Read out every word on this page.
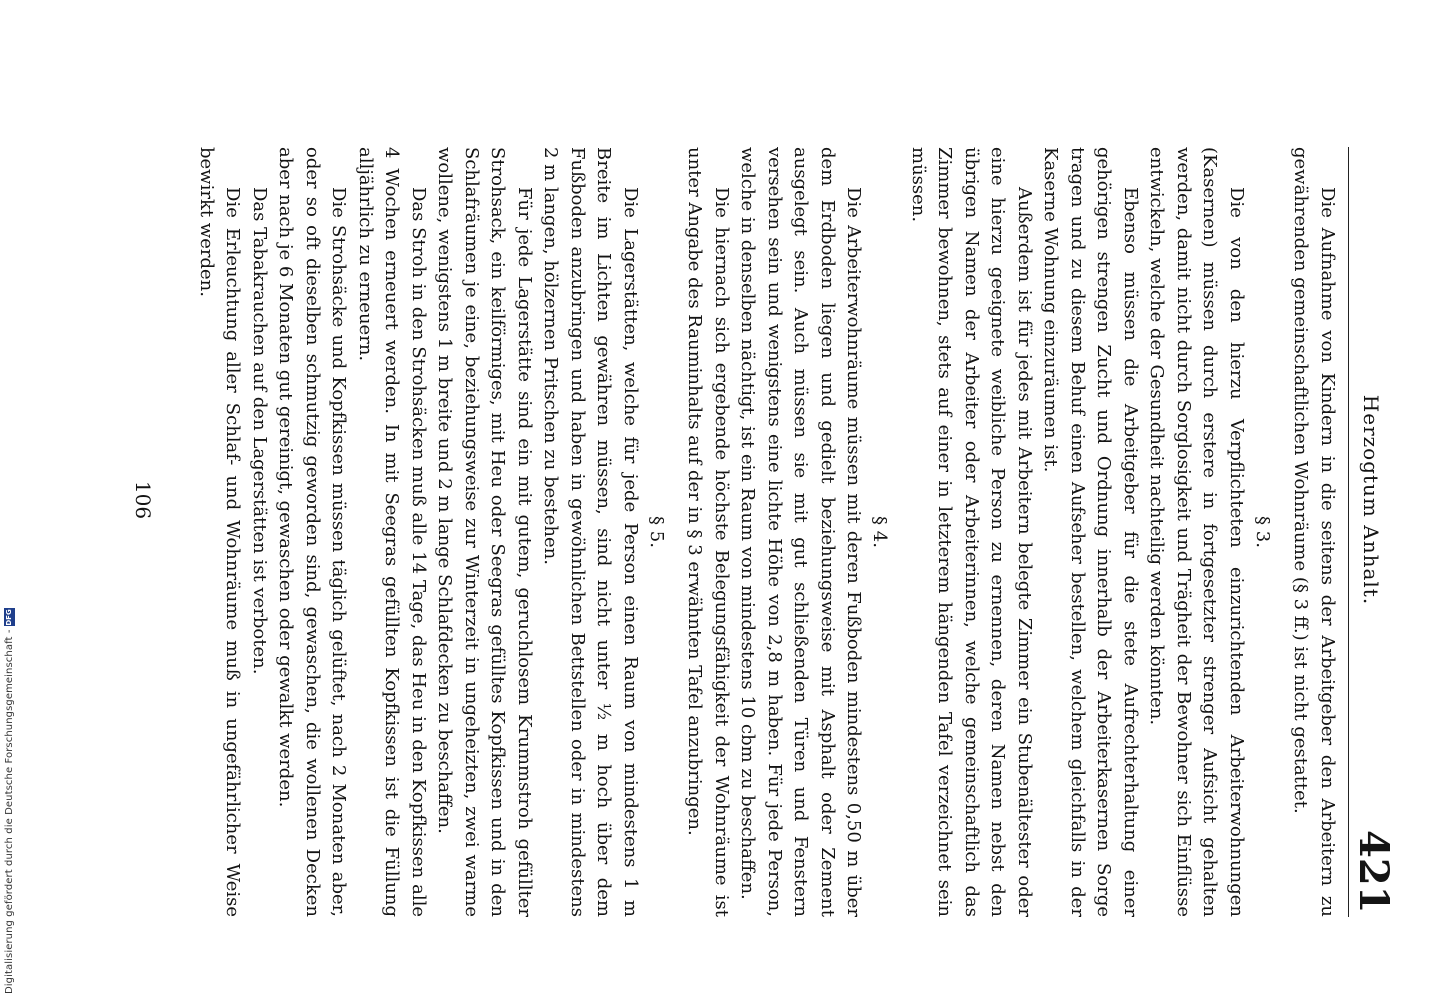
Herzogtum Anhalt.
421

Die Aufnahme von Kindern in die seitens der Arbeitgeber den Arbeitern zu gewährenden gemeinschaftlichen Wohnräume (§ 3 ff.) ist nicht gestattet.

§ 3.

Die von den hierzu Verpflichteten einzurichtenden Arbeiterwohnungen (Kasernen) müssen durch erstere in fortgesetzter strenger Aufsicht gehalten werden, damit nicht durch Sorglosigkeit und Trägheit der Bewohner sich Einflüsse entwickeln, welche der Gesundheit nachteilig werden könnten.

Ebenso müssen die Arbeitgeber für die stete Aufrechterhaltung einer gehörigen strengen Zucht und Ordnung innerhalb der Arbeiterkasernen Sorge tragen und zu diesem Behuf einen Aufseher bestellen, welchem gleichfalls in der Kaserne Wohnung einzuräumen ist.

Außerdem ist für jedes mit Arbeitern belegte Zimmer ein Stubenältester oder eine hierzu geeignete weibliche Person zu ernennen, deren Namen nebst den übrigen Namen der Arbeiter oder Arbeiterinnen, welche gemeinschaftlich das Zimmer bewohnen, stets auf einer in letzterem hängenden Tafel verzeichnet sein müssen.

§ 4.

Die Arbeiterwohnräume müssen mit deren Fußboden mindestens 0,50 m über dem Erdboden liegen und gedielt beziehungsweise mit Asphalt oder Zement ausgelegt sein. Auch müssen sie mit gut schließenden Türen und Fenstern versehen sein und wenigstens eine lichte Höhe von 2,8 m haben. Für jede Person, welche in denselben nächtigt, ist ein Raum von mindestens 10 cbm zu beschaffen.

Die hiernach sich ergebende höchste Belegungsfähigkeit der Wohnräume ist unter Angabe des Rauminhalts auf der in § 3 erwähnten Tafel anzubringen.

§ 5.

Die Lagerstätten, welche für jede Person einen Raum von mindestens 1 m Breite im Lichten gewähren müssen, sind nicht unter ½ m hoch über dem Fußboden anzubringen und haben in gewöhnlichen Bettstellen oder in mindestens 2 m langen, hölzernen Pritschen zu bestehen.

Für jede Lagerstätte sind ein mit gutem, geruchlosem Krummstroh gefüllter Strohsack, ein keilförmiges, mit Heu oder Seegras gefülltes Kopfkissen und in den Schlafräumen je eine, beziehungsweise zur Winterzeit in ungeheizten, zwei warme wollene, wenigstens 1 m breite und 2 m lange Schlafdecken zu beschaffen.

Das Stroh in den Strohsäcken muß alle 14 Tage, das Heu in den Kopfkissen alle 4 Wochen erneuert werden. In mit Seegras gefüllten Kopfkissen ist die Füllung alljährlich zu erneuern.

Die Strohsäcke und Kopfkissen müssen täglich gelüftet, nach 2 Monaten aber, oder so oft dieselben schmutzig geworden sind, gewaschen, die wollenen Decken aber nach je 6 Monaten gut gereinigt, gewaschen oder gewalkt werden.

Das Tabakrauchen auf den Lagerstätten ist verboten.

Die Erleuchtung aller Schlaf- und Wohnräume muß in ungefährlicher Weise bewirkt werden.

106
Digitalisierung gefördert durch die Deutsche Forschungsgemeinschaft -
DFG
